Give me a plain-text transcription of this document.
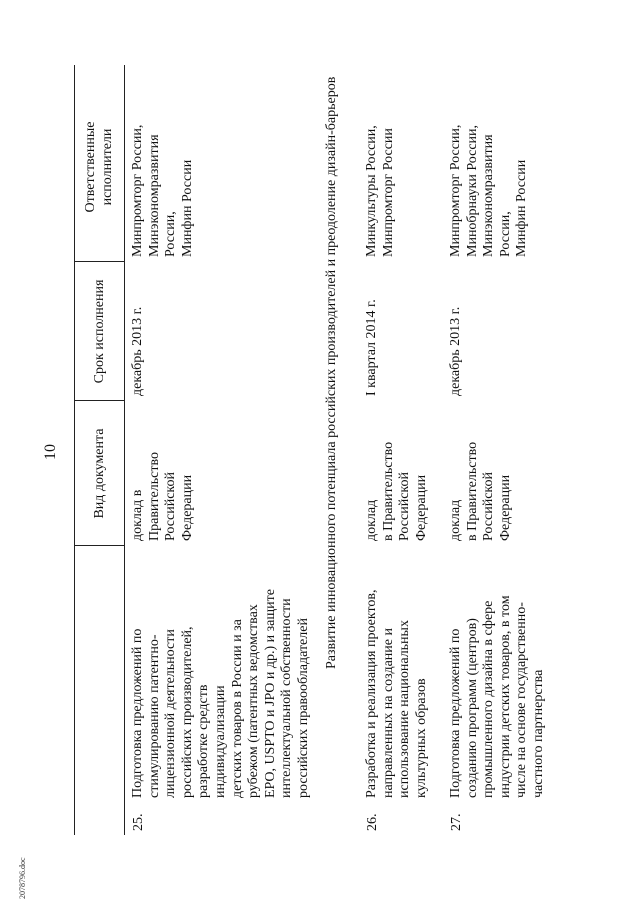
10 Вид документа
Срок исполнения
Ответственные
исполнители
25.
Подготовка предложений по
стимулированию патентно-
лицензионной деятельности
российских производителей,
разработке средств
индивидуализации
детских товаров в России и за
рубежом (патентных ведомствах
EPO, USPTO и JPO и др.) и защите
интеллектуальной собственности
российских правообладателей
доклад в
Правительство
Российской
Федерации
декабрь 2013 г.
Минпромторг России,
Минэкономразвития
России,
Минфин России	Развитие инновационного потенциала российских производителей и преодоление дизайн-барьеров
26.
Разработка и реализация проектов,
направленных на создание и
использование национальных
культурных образов
доклад
в Правительство
Российской
Федерации
I квартал 2014 г.
Минкультуры России,
Минпромторг России
27.
Подготовка предложений по
созданию программ (центров)
промышленного дизайна в сфере
индустрии детских товаров, в том
числе на основе государственно-
частного партнерства
доклад
в Правительство
Российской
Федерации
декабрь 2013 г.
Минпромторг России,
Минобрнауки России,
Минэкономразвития
России,
Минфин России
2078796.doc
